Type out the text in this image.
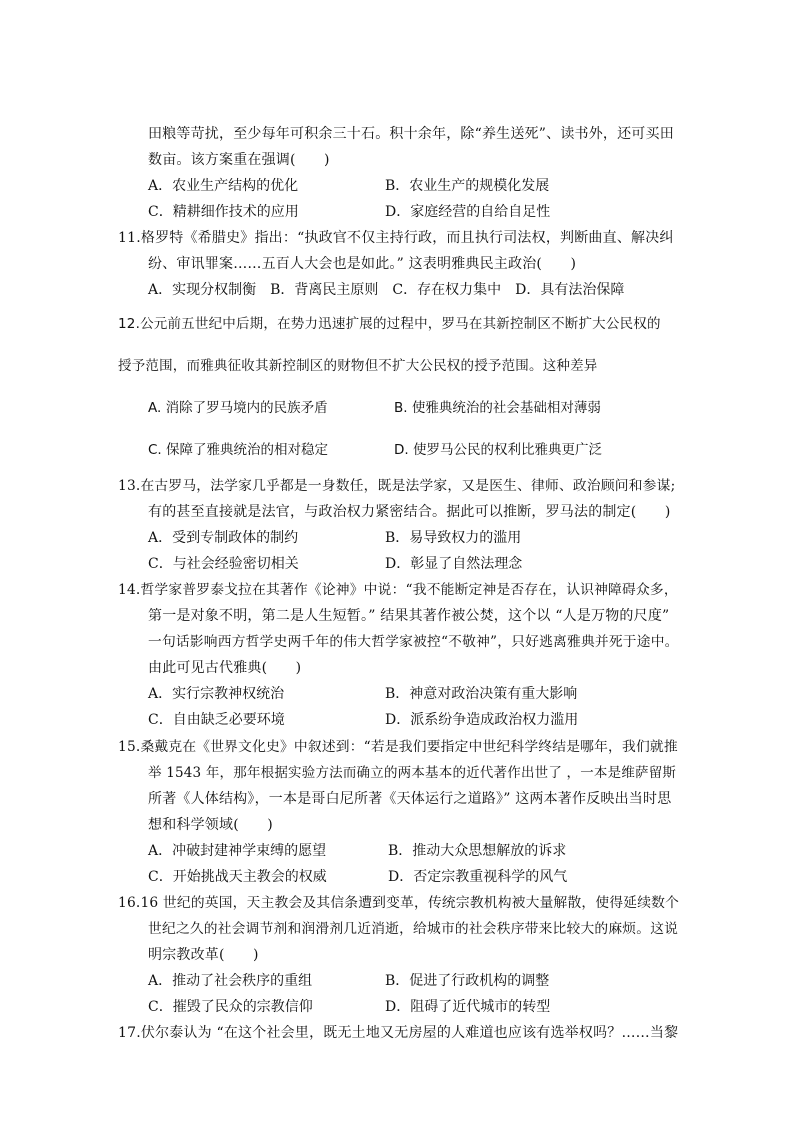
田粮等苛扰，至少每年可积余三十石。积十余年，除“养生送死”、读书外，还可买田
数亩。该方案重在强调(　　)
A．农业生产结构的优化	B．农业生产的规模化发展
C．精耕细作技术的应用	D．家庭经营的自给自足性
11.格罗特《希腊史》指出：“执政官不仅主持行政，而且执行司法权，判断曲直、解决纠
纷、审讯罪案……五百人大会也是如此。” 这表明雅典民主政治(　　)
A．实现分权制衡　B．背离民主原则　C．存在权力集中　D．具有法治保障
12.公元前五世纪中后期，在势力迅速扩展的过程中，罗马在其新控制区不断扩大公民权的
授予范围，而雅典征收其新控制区的财物但不扩大公民权的授予范围。这种差异
A. 消除了罗马境内的民族矛盾	B. 使雅典统治的社会基础相对薄弱
C. 保障了雅典统治的相对稳定	D. 使罗马公民的权利比雅典更广泛
13.在古罗马，法学家几乎都是一身数任，既是法学家，又是医生、律师、政治顾问和参谋;
有的甚至直接就是法官，与政治权力紧密结合。据此可以推断，罗马法的制定(　　)
A．受到专制政体的制约	B．易导致权力的滥用
C．与社会经验密切相关	D．彰显了自然法理念
14.哲学家普罗泰戈拉在其著作《论神》中说：“我不能断定神是否存在，认识神障碍众多，
第一是对象不明，第二是人生短暂。” 结果其著作被公焚，这个以 “人是万物的尺度”
一句话影响西方哲学史两千年的伟大哲学家被控“不敬神”，只好逃离雅典并死于途中。
由此可见古代雅典(　　)
A．实行宗教神权统治	B．神意对政治决策有重大影响
C．自由缺乏必要环境	D．派系纷争造成政治权力滥用
15.桑戴克在《世界文化史》中叙述到：“若是我们要指定中世纪科学终结是哪年，我们就推
举 1543 年，那年根据实验方法而确立的两本基本的近代著作出世了 ，一本是维萨留斯
所著《人体结构》，一本是哥白尼所著《天体运行之道路》” 这两本著作反映出当时思
想和科学领域(　　)
A．冲破封建神学束缚的愿望	B．推动大众思想解放的诉求
C．开始挑战天主教会的权威	D．否定宗教重视科学的风气
16.16 世纪的英国，天主教会及其信条遭到变革，传统宗教机构被大量解散，使得延续数个
世纪之久的社会调节剂和润滑剂几近消逝，给城市的社会秩序带来比较大的麻烦。这说
明宗教改革(　　)
A．推动了社会秩序的重组	B．促进了行政机构的调整
C．摧毁了民众的宗教信仰	D．阻碍了近代城市的转型
17.伏尔泰认为 “在这个社会里，既无土地又无房屋的人难道也应该有选举权吗？……当黎
